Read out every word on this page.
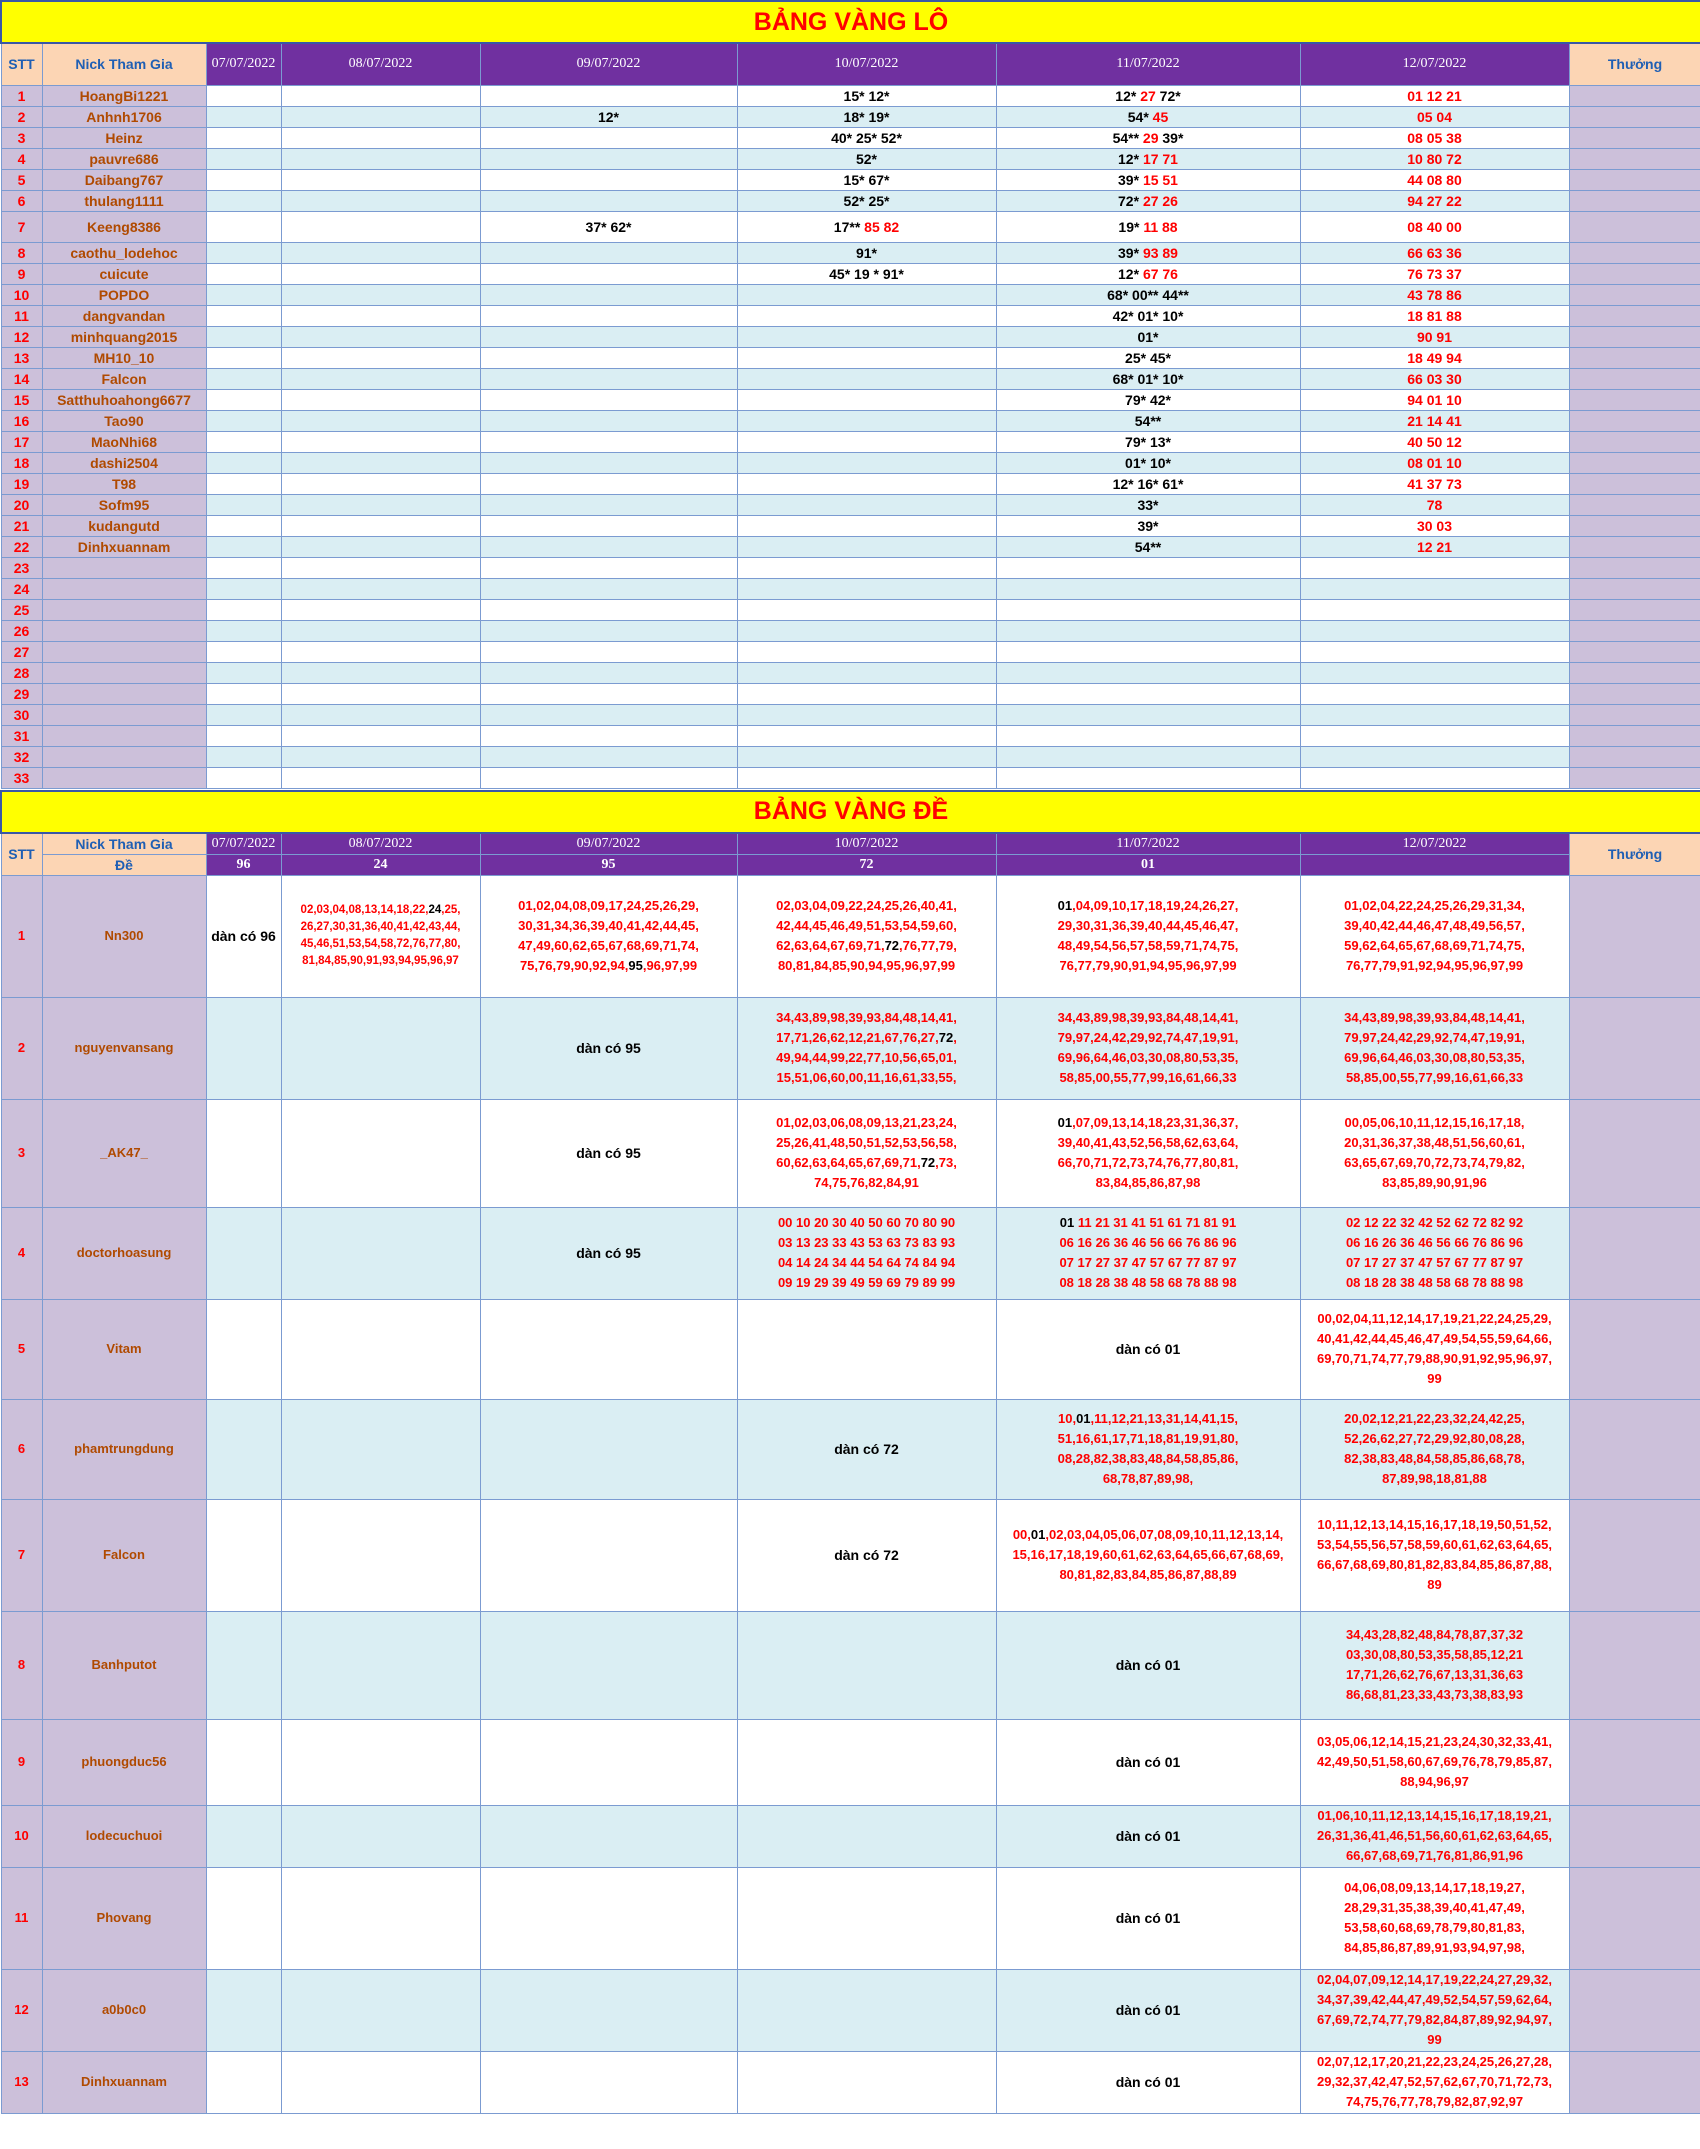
BẢNG VÀNG LÔ								
STT	Nick Tham Gia	07/07/2022	08/07/2022	09/07/2022	10/07/2022	11/07/2022	12/07/2022	Thưởng
1	HoangBi1221				15* 12*	12* 27 72*	01 12 21	
2	Anhnh1706			12*	18* 19*	54* 45	05 04	
3	Heinz				40* 25* 52*	54** 29 39*	08 05 38	
4	pauvre686				52*	12* 17 71	10 80 72	
5	Daibang767				15* 67*	39* 15 51	44 08 80	
6	thulang1111				52* 25*	72* 27 26	94 27 22	
7	Keeng8386			37* 62*	17** 85 82	19* 11 88	08 40 00	
8	caothu_lodehoc				91*	39* 93 89	66 63 36	
9	cuicute				45* 19 * 91*	12* 67 76	76 73 37	
10	POPDO					68* 00** 44**	43 78 86	
11	dangvandan					42* 01* 10*	18 81 88	
12	minhquang2015					01*	90 91	
13	MH10_10					25* 45*	18 49 94	
14	Falcon					68* 01* 10*	66 03 30	
15	Satthuhoahong6677					79* 42*	94 01 10	
16	Tao90					54**	21 14 41	
17	MaoNhi68					79* 13*	40 50 12	
18	dashi2504					01* 10*	08 01 10	
19	T98					12* 16* 61*	41 37 73	
20	Sofm95					33*	78	
21	kudangutd					39*	30 03	
22	Dinhxuannam					54**	12 21	
23								
24								
25								
26								
27								
28								
29								
30								
31								
32								
33								
BẢNG VÀNG ĐỀ								
STT	Nick Tham Gia	07/07/2022	08/07/2022	09/07/2022	10/07/2022	11/07/2022	12/07/2022	Thưởng
	Đề	96	24	95	72	01		
1	Nn300	dàn có 96	02,03,04,08,13,14,18,22,24,25,
26,27,30,31,36,40,41,42,43,44,
45,46,51,53,54,58,72,76,77,80,
81,84,85,90,91,93,94,95,96,97	01,02,04,08,09,17,24,25,26,29,
30,31,34,36,39,40,41,42,44,45,
47,49,60,62,65,67,68,69,71,74,
75,76,79,90,92,94,95,96,97,99	02,03,04,09,22,24,25,26,40,41,
42,44,45,46,49,51,53,54,59,60,
62,63,64,67,69,71,72,76,77,79,
80,81,84,85,90,94,95,96,97,99	01,04,09,10,17,18,19,24,26,27,
29,30,31,36,39,40,44,45,46,47,
48,49,54,56,57,58,59,71,74,75,
76,77,79,90,91,94,95,96,97,99	01,02,04,22,24,25,26,29,31,34,
39,40,42,44,46,47,48,49,56,57,
59,62,64,65,67,68,69,71,74,75,
76,77,79,91,92,94,95,96,97,99	
2	nguyenvansang			dàn có 95	34,43,89,98,39,93,84,48,14,41,
17,71,26,62,12,21,67,76,27,72,
49,94,44,99,22,77,10,56,65,01,
15,51,06,60,00,11,16,61,33,55,	34,43,89,98,39,93,84,48,14,41,
79,97,24,42,29,92,74,47,19,91,
69,96,64,46,03,30,08,80,53,35,
58,85,00,55,77,99,16,61,66,33	34,43,89,98,39,93,84,48,14,41,
79,97,24,42,29,92,74,47,19,91,
69,96,64,46,03,30,08,80,53,35,
58,85,00,55,77,99,16,61,66,33	
3	_AK47_			dàn có 95	01,02,03,06,08,09,13,21,23,24,
25,26,41,48,50,51,52,53,56,58,
60,62,63,64,65,67,69,71,72,73,
74,75,76,82,84,91	01,07,09,13,14,18,23,31,36,37,
39,40,41,43,52,56,58,62,63,64,
66,70,71,72,73,74,76,77,80,81,
83,84,85,86,87,98	00,05,06,10,11,12,15,16,17,18,
20,31,36,37,38,48,51,56,60,61,
63,65,67,69,70,72,73,74,79,82,
83,85,89,90,91,96	
4	doctorhoasung			dàn có 95	00 10 20 30 40 50 60 70 80 90
03 13 23 33 43 53 63 73 83 93
04 14 24 34 44 54 64 74 84 94
09 19 29 39 49 59 69 79 89 99	01 11 21 31 41 51 61 71 81 91
06 16 26 36 46 56 66 76 86 96
07 17 27 37 47 57 67 77 87 97
08 18 28 38 48 58 68 78 88 98	02 12 22 32 42 52 62 72 82 92
06 16 26 36 46 56 66 76 86 96
07 17 27 37 47 57 67 77 87 97
08 18 28 38 48 58 68 78 88 98	
5	Vitam					dàn có 01	00,02,04,11,12,14,17,19,21,22,24,25,29,
40,41,42,44,45,46,47,49,54,55,59,64,66,
69,70,71,74,77,79,88,90,91,92,95,96,97,
99	
6	phamtrungdung				dàn có 72	10,01,11,12,21,13,31,14,41,15,
51,16,61,17,71,18,81,19,91,80,
08,28,82,38,83,48,84,58,85,86,
68,78,87,89,98,	20,02,12,21,22,23,32,24,42,25,
52,26,62,27,72,29,92,80,08,28,
82,38,83,48,84,58,85,86,68,78,
87,89,98,18,81,88	
7	Falcon				dàn có 72	00,01,02,03,04,05,06,07,08,09,10,11,12,13,14,
15,16,17,18,19,60,61,62,63,64,65,66,67,68,69,
80,81,82,83,84,85,86,87,88,89	10,11,12,13,14,15,16,17,18,19,50,51,52,
53,54,55,56,57,58,59,60,61,62,63,64,65,
66,67,68,69,80,81,82,83,84,85,86,87,88,
89	
8	Banhputot					dàn có 01	34,43,28,82,48,84,78,87,37,32
03,30,08,80,53,35,58,85,12,21
17,71,26,62,76,67,13,31,36,63
86,68,81,23,33,43,73,38,83,93	
9	phuongduc56					dàn có 01	03,05,06,12,14,15,21,23,24,30,32,33,41,
42,49,50,51,58,60,67,69,76,78,79,85,87,
88,94,96,97	
10	lodecuchuoi					dàn có 01	01,06,10,11,12,13,14,15,16,17,18,19,21,
26,31,36,41,46,51,56,60,61,62,63,64,65,
66,67,68,69,71,76,81,86,91,96	
11	Phovang					dàn có 01	04,06,08,09,13,14,17,18,19,27,
28,29,31,35,38,39,40,41,47,49,
53,58,60,68,69,78,79,80,81,83,
84,85,86,87,89,91,93,94,97,98,	
12	a0b0c0					dàn có 01	02,04,07,09,12,14,17,19,22,24,27,29,32,
34,37,39,42,44,47,49,52,54,57,59,62,64,
67,69,72,74,77,79,82,84,87,89,92,94,97,
99	
13	Dinhxuannam					dàn có 01	02,07,12,17,20,21,22,23,24,25,26,27,28,
29,32,37,42,47,52,57,62,67,70,71,72,73,
74,75,76,77,78,79,82,87,92,97	
